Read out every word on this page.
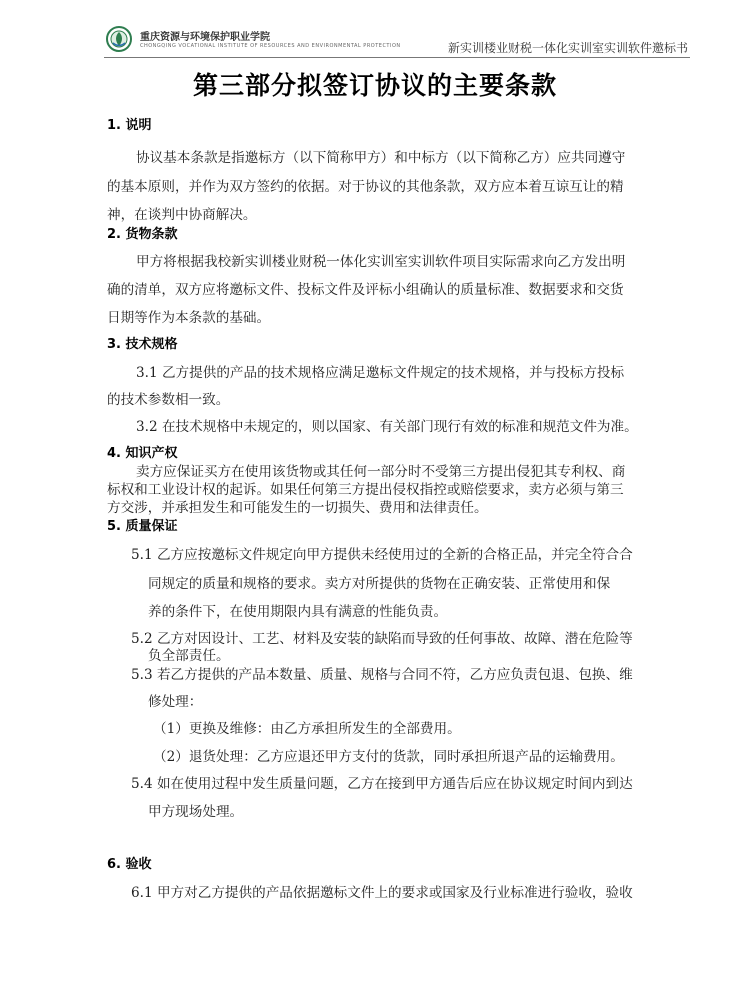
重庆资源与环境保护职业学院
CHONGQING VOCATIONAL INSTITUTE OF RESOURCES AND ENVIRONMENTAL PROTECTION	新实训楼业财税一体化实训室实训软件邀标书
第三部分拟签订协议的主要条款
1. 说明
协议基本条款是指邀标方（以下简称甲方）和中标方（以下简称乙方）应共同遵守
的基本原则，并作为双方签约的依据。对于协议的其他条款，双方应本着互谅互让的精
神，在谈判中协商解决。
2. 货物条款
甲方将根据我校新实训楼业财税一体化实训室实训软件项目实际需求向乙方发出明
确的清单，双方应将邀标文件、投标文件及评标小组确认的质量标准、数据要求和交货
日期等作为本条款的基础。
3. 技术规格
3.1 乙方提供的产品的技术规格应满足邀标文件规定的技术规格，并与投标方投标
的技术参数相一致。
3.2 在技术规格中未规定的，则以国家、有关部门现行有效的标准和规范文件为准。
4. 知识产权
卖方应保证买方在使用该货物或其任何一部分时不受第三方提出侵犯其专利权、商
标权和工业设计权的起诉。如果任何第三方提出侵权指控或赔偿要求，卖方必须与第三
方交涉，并承担发生和可能发生的一切损失、费用和法律责任。
5. 质量保证
5.1 乙方应按邀标文件规定向甲方提供未经使用过的全新的合格正品，并完全符合合
同规定的质量和规格的要求。卖方对所提供的货物在正确安装、正常使用和保
养的条件下，在使用期限内具有满意的性能负责。
5.2 乙方对因设计、工艺、材料及安装的缺陷而导致的任何事故、故障、潜在危险等
负全部责任。
5.3 若乙方提供的产品本数量、质量、规格与合同不符，乙方应负责包退、包换、维
修处理：
（1）更换及维修：由乙方承担所发生的全部费用。
（2）退货处理：乙方应退还甲方支付的货款，同时承担所退产品的运输费用。
5.4 如在使用过程中发生质量问题，乙方在接到甲方通告后应在协议规定时间内到达
甲方现场处理。
6. 验收
6.1 甲方对乙方提供的产品依据邀标文件上的要求或国家及行业标准进行验收，验收
